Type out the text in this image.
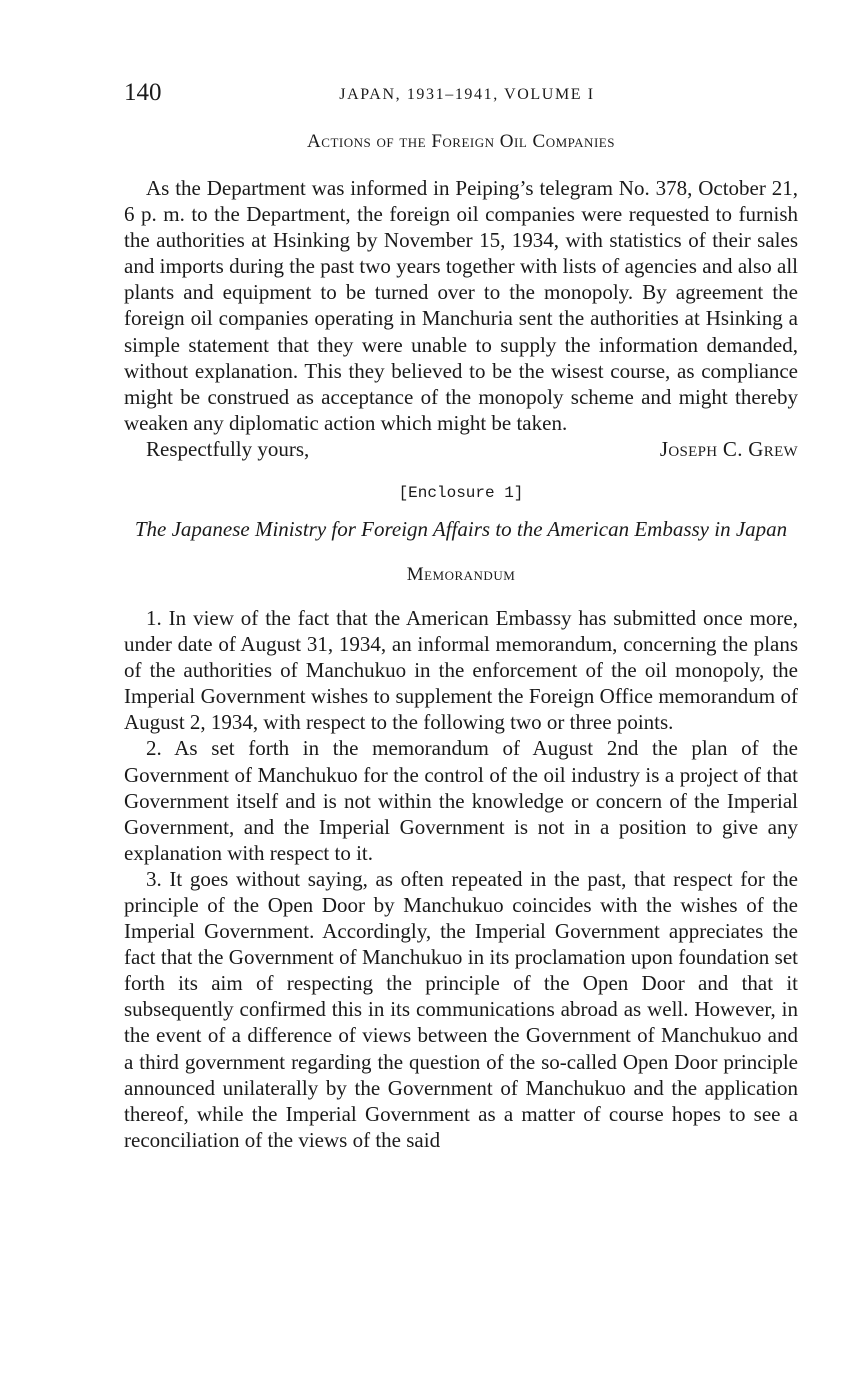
140	JAPAN, 1931–1941, VOLUME I
Actions of the Foreign Oil Companies

As the Department was informed in Peiping’s telegram No. 378, October 21, 6 p. m. to the Department, the foreign oil companies were requested to furnish the authorities at Hsinking by November 15, 1934, with statistics of their sales and imports during the past two years together with lists of agencies and also all plants and equipment to be turned over to the monopoly. By agreement the foreign oil companies operating in Manchuria sent the authorities at Hsinking a simple statement that they were unable to supply the information demanded, without explanation. This they believed to be the wisest course, as compliance might be construed as acceptance of the monopoly scheme and might thereby weaken any diplomatic action which might be taken.

Respectfully yours,	Joseph C. Grew
[Enclosure 1]

The Japanese Ministry for Foreign Affairs to the American Embassy in Japan

Memorandum

1. In view of the fact that the American Embassy has submitted once more, under date of August 31, 1934, an informal memorandum, concerning the plans of the authorities of Manchukuo in the enforcement of the oil monopoly, the Imperial Government wishes to supplement the Foreign Office memorandum of August 2, 1934, with respect to the following two or three points.

2. As set forth in the memorandum of August 2nd the plan of the Government of Manchukuo for the control of the oil industry is a project of that Government itself and is not within the knowledge or concern of the Imperial Government, and the Imperial Government is not in a position to give any explanation with respect to it.

3. It goes without saying, as often repeated in the past, that respect for the principle of the Open Door by Manchukuo coincides with the wishes of the Imperial Government. Accordingly, the Imperial Government appreciates the fact that the Government of Manchukuo in its proclamation upon foundation set forth its aim of respecting the principle of the Open Door and that it subsequently confirmed this in its communications abroad as well. However, in the event of a difference of views between the Government of Manchukuo and a third government regarding the question of the so-called Open Door principle announced unilaterally by the Government of Manchukuo and the application thereof, while the Imperial Government as a matter of course hopes to see a reconciliation of the views of the said
